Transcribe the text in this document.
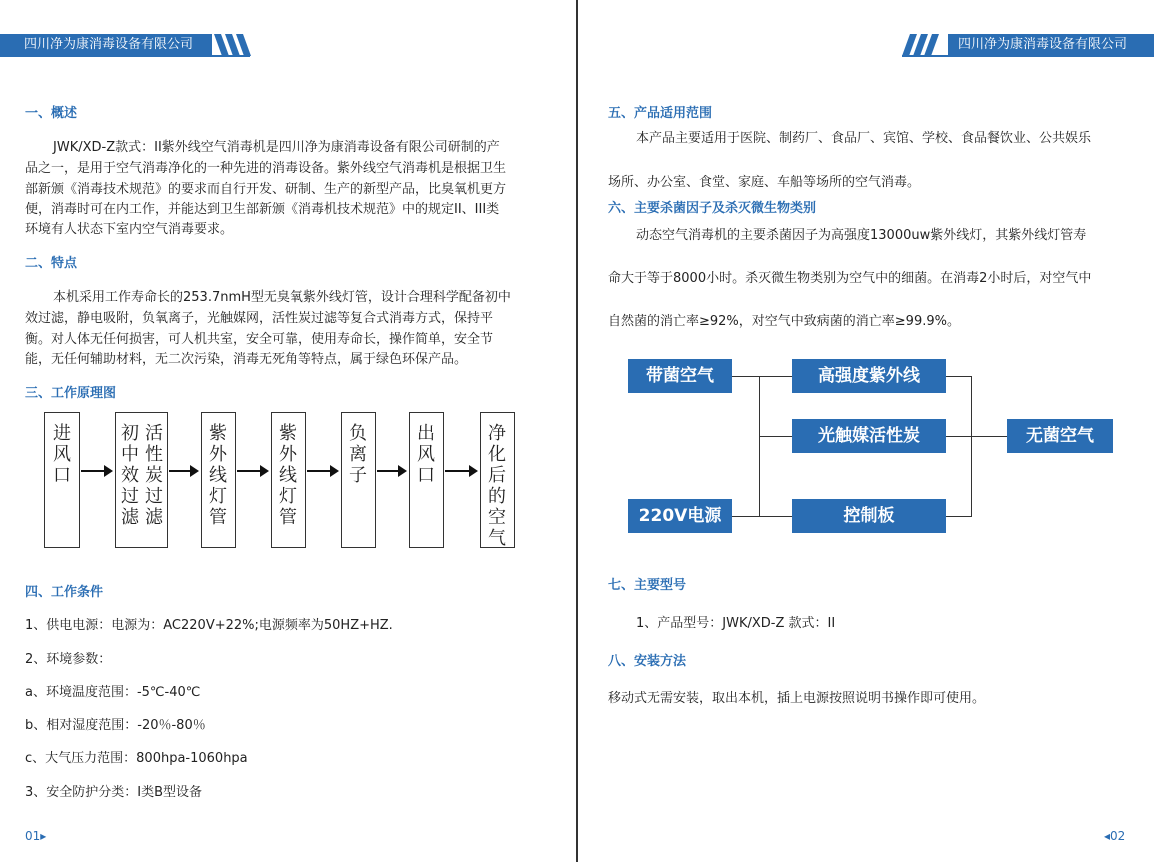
四川净为康消毒设备有限公司
一、概述
JWK/XD-Z款式：II紫外线空气消毒机是四川净为康消毒设备有限公司研制的产
品之一，是用于空气消毒净化的一种先进的消毒设备。紫外线空气消毒机是根据卫生
部新颁《消毒技术规范》的要求而自行开发、研制、生产的新型产品，比臭氧机更方
便，消毒时可在内工作，并能达到卫生部新颁《消毒机技术规范》中的规定II、III类
环境有人状态下室内空气消毒要求。
二、特点
本机采用工作寿命长的253.7nmH型无臭氧紫外线灯管，设计合理科学配备初中
效过滤，静电吸附，负氧离子，光触媒网，活性炭过滤等复合式消毒方式，保持平
衡。对人体无任何损害，可人机共室，安全可靠，使用寿命长，操作简单，安全节
能，无任何辅助材料，无二次污染，消毒无死角等特点，属于绿色环保产品。
三、工作原理图
进风口
初中效过滤
活性炭过滤
紫外线灯管
紫外线灯管
负离子
出风口
净化后的空气
四、工作条件
1、供电电源：电源为：AC220V+22%;电源频率为50HZ+HZ.
2、环境参数：
a、环境温度范围：-5℃-40℃
b、相对湿度范围：-20％-80％
c、大气压力范围：800hpa-1060hpa
3、安全防护分类：I类B型设备
01▸
四川净为康消毒设备有限公司
五、产品适用范围
本产品主要适用于医院、制药厂、食品厂、宾馆、学校、食品餐饮业、公共娱乐
场所、办公室、食堂、家庭、车船等场所的空气消毒。
六、主要杀菌因子及杀灭微生物类别
动态空气消毒机的主要杀菌因子为高强度13000uw紫外线灯，其紫外线灯管寿
命大于等于8000小时。杀灭微生物类别为空气中的细菌。在消毒2小时后，对空气中
自然菌的消亡率≥92%，对空气中致病菌的消亡率≥99.9%。
带菌空气
220V电源
高强度紫外线
光触媒活性炭
控制板
无菌空气
七、主要型号
1、产品型号：JWK/XD-Z 款式：II
八、安装方法
移动式无需安装，取出本机，插上电源按照说明书操作即可使用。
◂02
